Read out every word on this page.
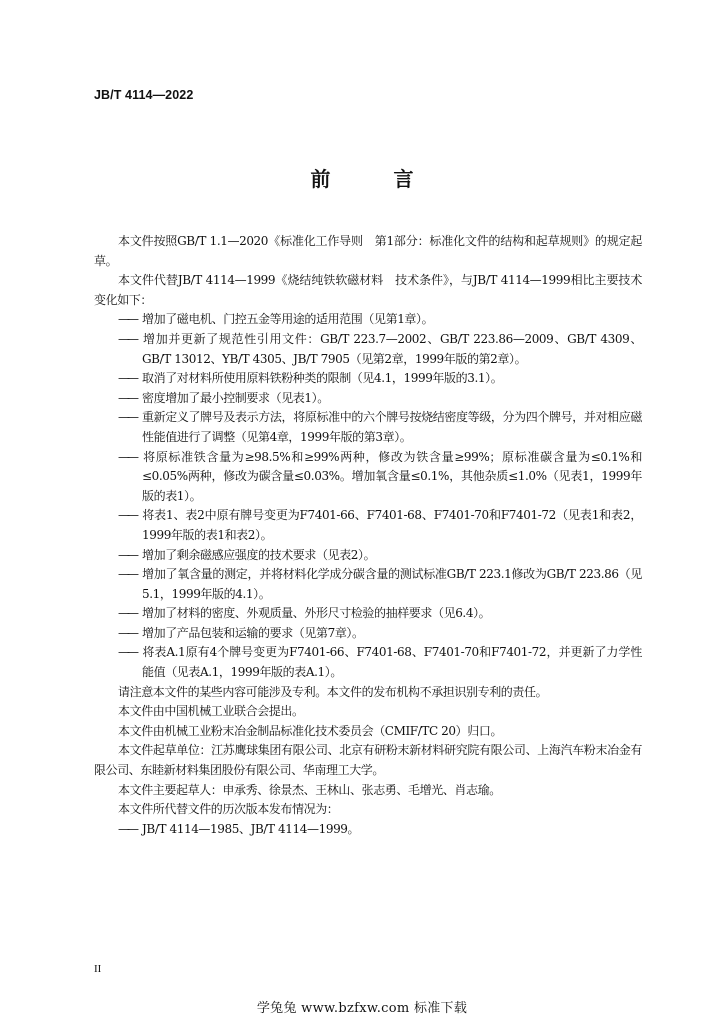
JB/T 4114—2022
前 言

本文件按照GB/T 1.1—2020《标准化工作导则　第1部分：标准化文件的结构和起草规则》的规定起草。

本文件代替JB/T 4114—1999《烧结纯铁软磁材料　技术条件》，与JB/T 4114—1999相比主要技术变化如下：

—— 增加了磁电机、门控五金等用途的适用范围（见第1章）。

—— 增加并更新了规范性引用文件：GB/T 223.7—2002、GB/T 223.86—2009、GB/T 4309、GB/T 13012、YB/T 4305、JB/T 7905（见第2章，1999年版的第2章）。

—— 取消了对材料所使用原料铁粉种类的限制（见4.1，1999年版的3.1）。

—— 密度增加了最小控制要求（见表1）。

—— 重新定义了牌号及表示方法，将原标准中的六个牌号按烧结密度等级，分为四个牌号，并对相应磁性能值进行了调整（见第4章，1999年版的第3章）。

—— 将原标准铁含量为≥98.5%和≥99%两种，修改为铁含量≥99%；原标准碳含量为≤0.1%和≤0.05%两种，修改为碳含量≤0.03%。增加氧含量≤0.1%，其他杂质≤1.0%（见表1，1999年版的表1）。

—— 将表1、表2中原有牌号变更为F7401-66、F7401-68、F7401-70和F7401-72（见表1和表2，1999年版的表1和表2）。

—— 增加了剩余磁感应强度的技术要求（见表2）。

—— 增加了氧含量的测定，并将材料化学成分碳含量的测试标准GB/T 223.1修改为GB/T 223.86（见5.1，1999年版的4.1）。

—— 增加了材料的密度、外观质量、外形尺寸检验的抽样要求（见6.4）。

—— 增加了产品包装和运输的要求（见第7章）。

—— 将表A.1原有4个牌号变更为F7401-66、F7401-68、F7401-70和F7401-72，并更新了力学性能值（见表A.1，1999年版的表A.1）。

请注意本文件的某些内容可能涉及专利。本文件的发布机构不承担识别专利的责任。

本文件由中国机械工业联合会提出。

本文件由机械工业粉末冶金制品标准化技术委员会（CMIF/TC 20）归口。

本文件起草单位：江苏鹰球集团有限公司、北京有研粉末新材料研究院有限公司、上海汽车粉末冶金有限公司、东睦新材料集团股份有限公司、华南理工大学。

本文件主要起草人：申承秀、徐景杰、王林山、张志勇、毛增光、肖志瑜。

本文件所代替文件的历次版本发布情况为：

—— JB/T 4114—1985、JB/T 4114—1999。

II
学兔兔 www.bzfxw.com 标准下载
